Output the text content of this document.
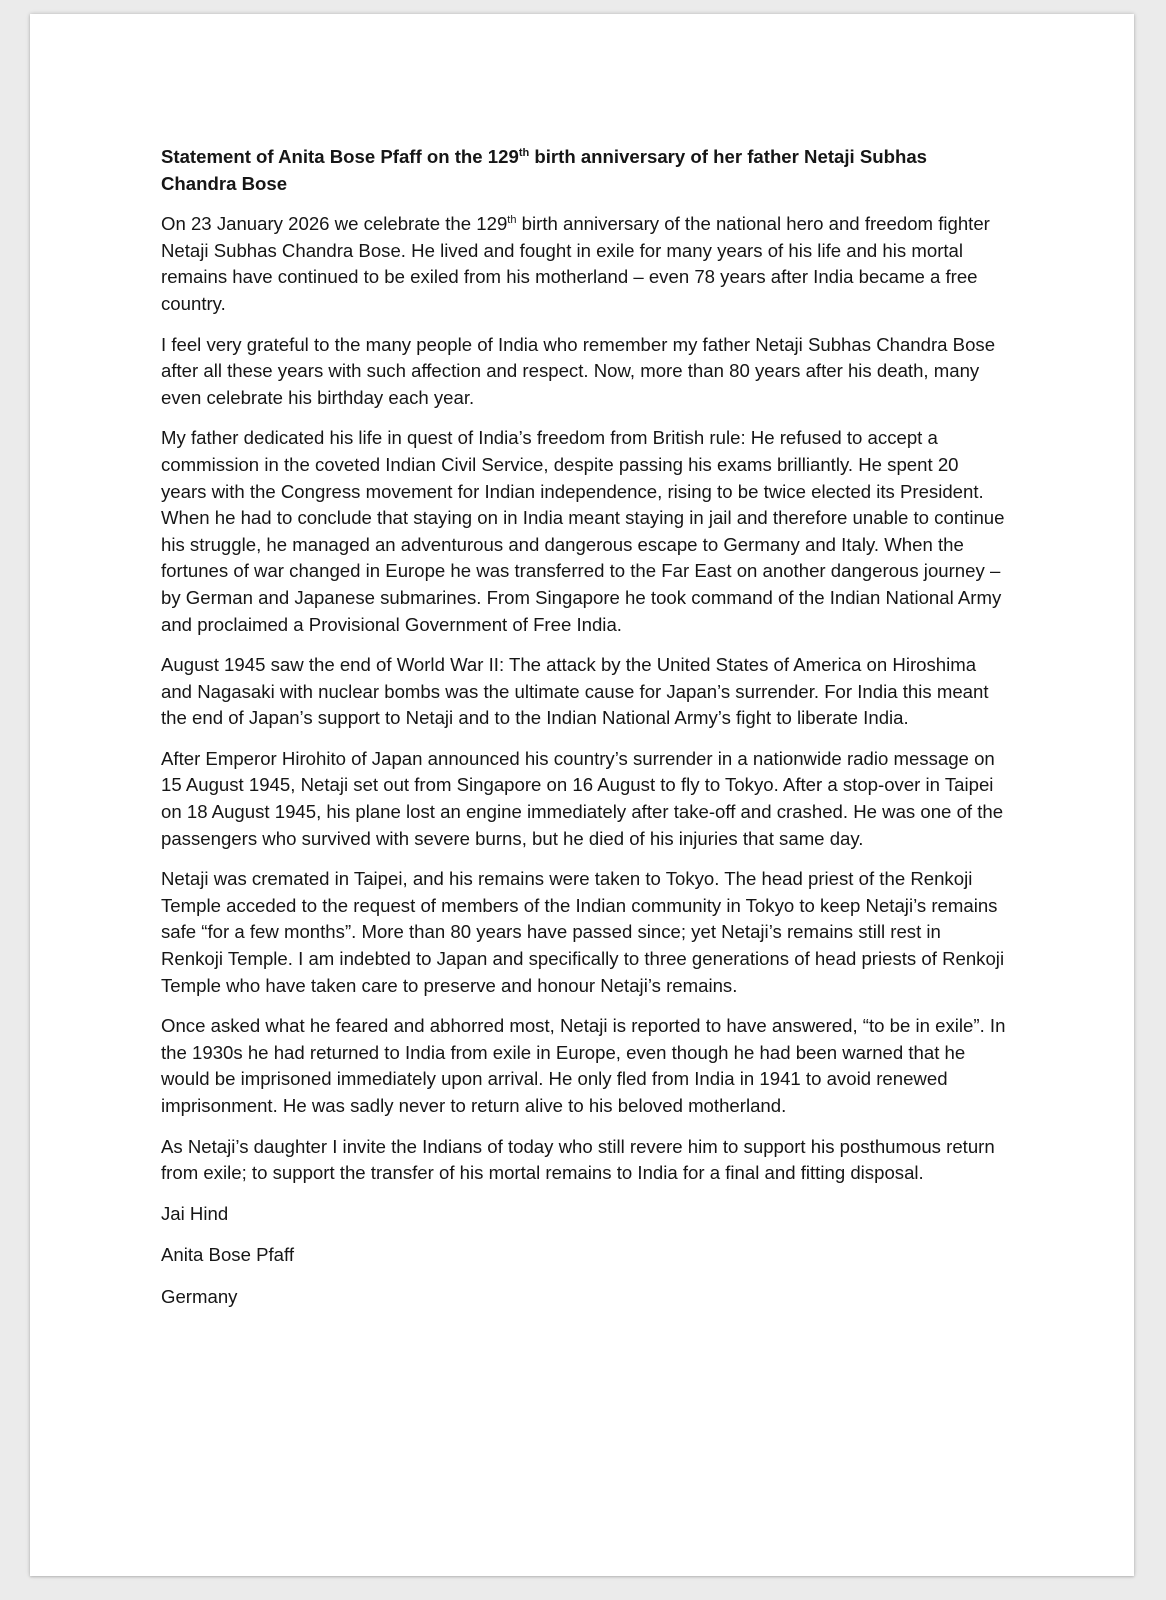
Statement of Anita Bose Pfaff on the 129th birth anniversary of her father Netaji Subhas Chandra Bose

On 23 January 2026 we celebrate the 129th birth anniversary of the national hero and freedom fighter Netaji Subhas Chandra Bose. He lived and fought in exile for many years of his life and his mortal remains have continued to be exiled from his motherland – even 78 years after India became a free country.

I feel very grateful to the many people of India who remember my father Netaji Subhas Chandra Bose after all these years with such affection and respect. Now, more than 80 years after his death, many even celebrate his birthday each year.

My father dedicated his life in quest of India’s freedom from British rule: He refused to accept a commission in the coveted Indian Civil Service, despite passing his exams brilliantly. He spent 20 years with the Congress movement for Indian independence, rising to be twice elected its President. When he had to conclude that staying on in India meant staying in jail and therefore unable to continue his struggle, he managed an adventurous and dangerous escape to Germany and Italy. When the fortunes of war changed in Europe he was transferred to the Far East on another dangerous journey – by German and Japanese submarines. From Singapore he took command of the Indian National Army and proclaimed a Provisional Government of Free India.

August 1945 saw the end of World War II: The attack by the United States of America on Hiroshima and Nagasaki with nuclear bombs was the ultimate cause for Japan’s surrender. For India this meant the end of Japan’s support to Netaji and to the Indian National Army’s fight to liberate India.

After Emperor Hirohito of Japan announced his country’s surrender in a nationwide radio message on 15 August 1945, Netaji set out from Singapore on 16 August to fly to Tokyo. After a stop-over in Taipei on 18 August 1945, his plane lost an engine immediately after take-off and crashed. He was one of the passengers who survived with severe burns, but he died of his injuries that same day.

Netaji was cremated in Taipei, and his remains were taken to Tokyo. The head priest of the Renkoji Temple acceded to the request of members of the Indian community in Tokyo to keep Netaji’s remains safe “for a few months”. More than 80 years have passed since; yet Netaji’s remains still rest in Renkoji Temple. I am indebted to Japan and specifically to three generations of head priests of Renkoji Temple who have taken care to preserve and honour Netaji’s remains.

Once asked what he feared and abhorred most, Netaji is reported to have answered, “to be in exile”. In the 1930s he had returned to India from exile in Europe, even though he had been warned that he would be imprisoned immediately upon arrival. He only fled from India in 1941 to avoid renewed imprisonment. He was sadly never to return alive to his beloved motherland.

As Netaji’s daughter I invite the Indians of today who still revere him to support his posthumous return from exile; to support the transfer of his mortal remains to India for a final and fitting disposal.

Jai Hind

Anita Bose Pfaff

Germany
